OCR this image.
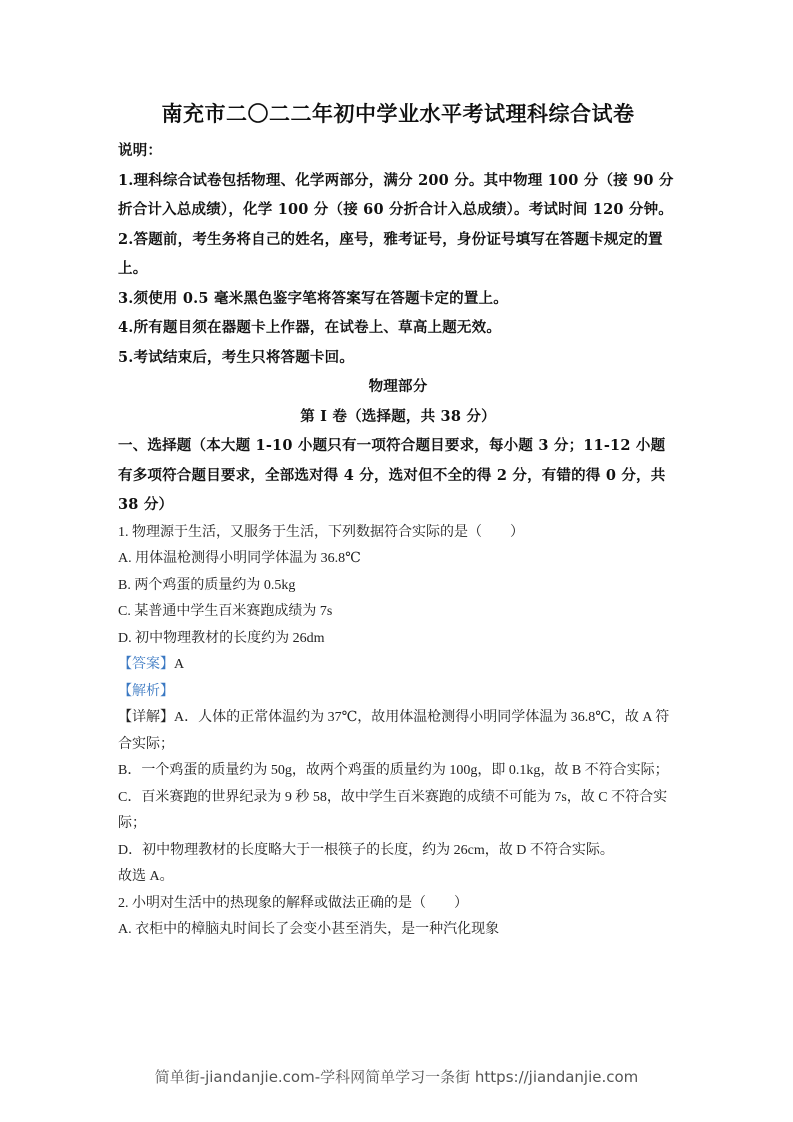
南充市二〇二二年初中学业水平考试理科综合试卷

说明：

1.理科综合试卷包括物理、化学两部分，满分 200 分。其中物理 100 分（接 90 分折合计入总成绩），化学 100 分（接 60 分折合计入总成绩）。考试时间 120 分钟。

2.答题前，考生务将自己的姓名，座号，雅考证号，身份证号填写在答题卡规定的置上。

3.须使用 0.5 毫米黑色鉴字笔将答案写在答题卡定的置上。

4.所有题目须在器题卡上作器，在试卷上、草高上题无效。

5.考试结束后，考生只将答题卡回。

物理部分

第 I 卷（选择题，共 38 分）

一、选择题（本大题 1-10 小题只有一项符合题目要求，每小题 3 分；11-12 小题有多项符合题目要求，全部选对得 4 分，选对但不全的得 2 分，有错的得 0 分，共 38 分）

1. 物理源于生活，又服务于生活，下列数据符合实际的是（　　）

A. 用体温枪测得小明同学体温为 36.8℃

B. 两个鸡蛋的质量约为 0.5kg

C. 某普通中学生百米赛跑成绩为 7s

D. 初中物理教材的长度约为 26dm

【答案】A

【解析】

【详解】A．人体的正常体温约为 37℃，故用体温枪测得小明同学体温为 36.8℃，故 A 符合实际；

B．一个鸡蛋的质量约为 50g，故两个鸡蛋的质量约为 100g，即 0.1kg，故 B 不符合实际；

C．百米赛跑的世界纪录为 9 秒 58，故中学生百米赛跑的成绩不可能为 7s，故 C 不符合实际；

D．初中物理教材的长度略大于一根筷子的长度，约为 26cm，故 D 不符合实际。

故选 A。

2. 小明对生活中的热现象的解释或做法正确的是（　　）

A. 衣柜中的樟脑丸时间长了会变小甚至消失，是一种汽化现象

简单街-jiandanjie.com-学科网简单学习一条街 https://jiandanjie.com
